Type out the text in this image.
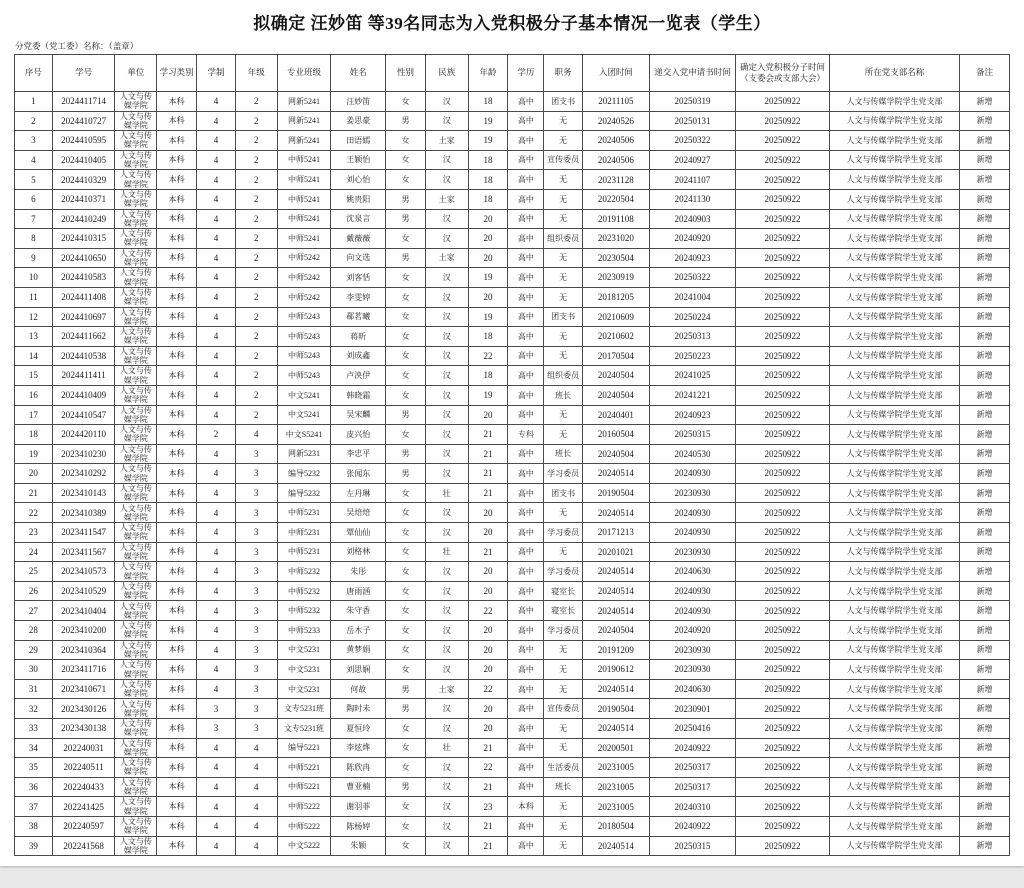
拟确定 汪妙笛 等39名同志为入党积极分子基本情况一览表（学生）
分党委（党工委）名称：（盖章）
序号	学号	单位	学习类别	学制	年级	专业班级	姓名	性别	民族	年龄	学历	职务	入团时间	递交入党申请书时间	确定入党积极分子时间（支委会或支部大会）	所在党支部名称	备注
1	2024411714	人文与传媒学院	本科	4	2	网新5241	汪妙笛	女	汉	18	高中	团支书	20211105	20250319	20250922	人文与传媒学院学生党支部	新增
2	2024410727	人文与传媒学院	本科	4	2	网新5241	姜思豪	男	汉	19	高中	无	20240526	20250131	20250922	人文与传媒学院学生党支部	新增
3	2024410595	人文与传媒学院	本科	4	2	网新5241	田语嫣	女	土家	19	高中	无	20240506	20250322	20250922	人文与传媒学院学生党支部	新增
4	2024410405	人文与传媒学院	本科	4	2	中师5241	王颖怡	女	汉	18	高中	宣传委员	20240506	20240927	20250922	人文与传媒学院学生党支部	新增
5	2024410329	人文与传媒学院	本科	4	2	中师5241	刘心怡	女	汉	18	高中	无	20231128	20241107	20250922	人文与传媒学院学生党支部	新增
6	2024410371	人文与传媒学院	本科	4	2	中师5241	姚贵阳	男	土家	18	高中	无	20220504	20241130	20250922	人文与传媒学院学生党支部	新增
7	2024410249	人文与传媒学院	本科	4	2	中师5241	沈泉言	男	汉	20	高中	无	20191108	20240903	20250922	人文与传媒学院学生党支部	新增
8	2024410315	人文与传媒学院	本科	4	2	中师5241	戴薇薇	女	汉	20	高中	组织委员	20231020	20240920	20250922	人文与传媒学院学生党支部	新增
9	2024410650	人文与传媒学院	本科	4	2	中师5242	向文选	男	土家	20	高中	无	20230504	20240923	20250922	人文与传媒学院学生党支部	新增
10	2024410583	人文与传媒学院	本科	4	2	中师5242	刘客恬	女	汉	19	高中	无	20230919	20250322	20250922	人文与传媒学院学生党支部	新增
11	2024411408	人文与传媒学院	本科	4	2	中师5242	李雯婷	女	汉	20	高中	无	20181205	20241004	20250922	人文与传媒学院学生党支部	新增
12	2024410697	人文与传媒学院	本科	4	2	中师5243	郗茗曦	女	汉	19	高中	团支书	20210609	20250224	20250922	人文与传媒学院学生党支部	新增
13	2024411662	人文与传媒学院	本科	4	2	中师5243	蒋昕	女	汉	18	高中	无	20210602	20250313	20250922	人文与传媒学院学生党支部	新增
14	2024410538	人文与传媒学院	本科	4	2	中师5243	刘成鑫	女	汉	22	高中	无	20170504	20250223	20250922	人文与传媒学院学生党支部	新增
15	2024411411	人文与传媒学院	本科	4	2	中师5243	卢泱伊	女	汉	18	高中	组织委员	20240504	20241025	20250922	人文与传媒学院学生党支部	新增
16	2024410409	人文与传媒学院	本科	4	2	中文5241	韩晓霜	女	汉	19	高中	班长	20240504	20241221	20250922	人文与传媒学院学生党支部	新增
17	2024410547	人文与传媒学院	本科	4	2	中文5241	吴宋麟	男	汉	20	高中	无	20240401	20240923	20250922	人文与传媒学院学生党支部	新增
18	2024420110	人文与传媒学院	本科	2	4	中文S5241	皮兴怡	女	汉	21	专科	无	20160504	20250315	20250922	人文与传媒学院学生党支部	新增
19	2023410230	人文与传媒学院	本科	4	3	网新5231	李忠平	男	汉	21	高中	班长	20240504	20240530	20250922	人文与传媒学院学生党支部	新增
20	2023410292	人文与传媒学院	本科	4	3	编导5232	张闻东	男	汉	21	高中	学习委员	20240514	20240930	20250922	人文与传媒学院学生党支部	新增
21	2023410143	人文与传媒学院	本科	4	3	编导5232	左丹琳	女	壮	21	高中	团支书	20190504	20230930	20250922	人文与传媒学院学生党支部	新增
22	2023410389	人文与传媒学院	本科	4	3	中师5231	吴焙焙	女	汉	20	高中	无	20240514	20240930	20250922	人文与传媒学院学生党支部	新增
23	2023411547	人文与传媒学院	本科	4	3	中师5231	覃仙仙	女	汉	20	高中	学习委员	20171213	20240930	20250922	人文与传媒学院学生党支部	新增
24	2023411567	人文与传媒学院	本科	4	3	中师5231	刘格林	女	壮	21	高中	无	20201021	20230930	20250922	人文与传媒学院学生党支部	新增
25	2023410573	人文与传媒学院	本科	4	3	中师5232	朱彤	女	汉	20	高中	学习委员	20240514	20240630	20250922	人文与传媒学院学生党支部	新增
26	2023410529	人文与传媒学院	本科	4	3	中师5232	唐雨涵	女	汉	20	高中	寝室长	20240514	20240930	20250922	人文与传媒学院学生党支部	新增
27	2023410404	人文与传媒学院	本科	4	3	中师5232	朱守香	女	汉	22	高中	寝室长	20240514	20240930	20250922	人文与传媒学院学生党支部	新增
28	2023410200	人文与传媒学院	本科	4	3	中师5233	岳木子	女	汉	20	高中	学习委员	20240504	20240920	20250922	人文与传媒学院学生党支部	新增
29	2023410364	人文与传媒学院	本科	4	3	中文5231	黄梦娟	女	汉	20	高中	无	20191209	20230930	20250922	人文与传媒学院学生党支部	新增
30	2023411716	人文与传媒学院	本科	4	3	中文5231	刘思娴	女	汉	20	高中	无	20190612	20230930	20250922	人文与传媒学院学生党支部	新增
31	2023410671	人文与传媒学院	本科	4	3	中文5231	何故	男	土家	22	高中	无	20240514	20240630	20250922	人文与传媒学院学生党支部	新增
32	2023430126	人文与传媒学院	本科	3	3	文专5231班	陶时未	男	汉	20	高中	宣传委员	20190504	20230901	20250922	人文与传媒学院学生党支部	新增
33	2023430138	人文与传媒学院	本科	3	3	文专5231班	夏恒玲	女	汉	20	高中	无	20240514	20250416	20250922	人文与传媒学院学生党支部	新增
34	202240031	人文与传媒学院	本科	4	4	编导5221	李炫烨	女	壮	21	高中	无	20200501	20240922	20250922	人文与传媒学院学生党支部	新增
35	202240511	人文与传媒学院	本科	4	4	中师5221	陈欣冉	女	汉	22	高中	生活委员	20231005	20250317	20250922	人文与传媒学院学生党支部	新增
36	202240433	人文与传媒学院	本科	4	4	中师5221	曹亚楠	男	汉	21	高中	班长	20231005	20250317	20250922	人文与传媒学院学生党支部	新增
37	202241425	人文与传媒学院	本科	4	4	中师5222	谢羽菲	女	汉	23	本科	无	20231005	20240310	20250922	人文与传媒学院学生党支部	新增
38	202240597	人文与传媒学院	本科	4	4	中师5222	陈杨婷	女	汉	21	高中	无	20180504	20240922	20250922	人文与传媒学院学生党支部	新增
39	202241568	人文与传媒学院	本科	4	4	中文5222	朱颖	女	汉	21	高中	无	20240514	20250315	20250922	人文与传媒学院学生党支部	新增
